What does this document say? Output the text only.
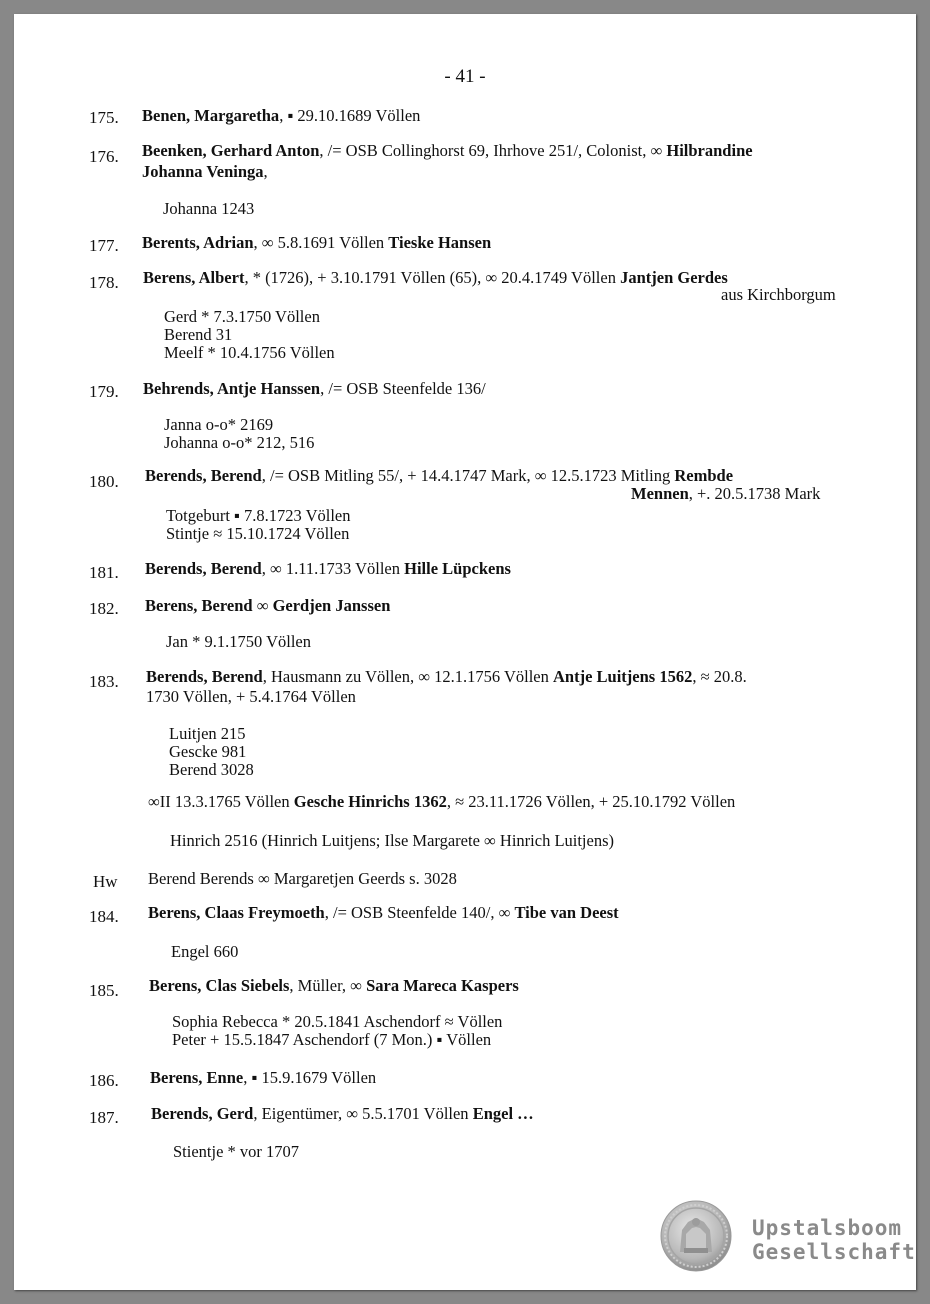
- 41 -
175. Benen, Margaretha, ▪ 29.10.1689 Völlen
176. Beenken, Gerhard Anton, /= OSB Collinghorst 69, Ihrhove 251/, Colonist, ∞ Hilbrandine
Johanna Veninga,
Johanna 1243
177. Berents, Adrian, ∞ 5.8.1691 Völlen Tieske Hansen
178. Berens, Albert, * (1726), + 3.10.1791 Völlen (65), ∞ 20.4.1749 Völlen Jantjen Gerdes
aus Kirchborgum
Gerd * 7.3.1750 Völlen
Berend 31
Meelf * 10.4.1756 Völlen
179. Behrends, Antje Hanssen, /= OSB Steenfelde 136/
Janna o-o* 2169
Johanna o-o* 212, 516
180. Berends, Berend, /= OSB Mitling 55/, + 14.4.1747 Mark, ∞ 12.5.1723 Mitling Rembde
Mennen, +. 20.5.1738 Mark
Totgeburt ▪ 7.8.1723 Völlen
Stintje ≈ 15.10.1724 Völlen
181. Berends, Berend, ∞ 1.11.1733 Völlen Hille Lüpckens
182. Berens, Berend ∞ Gerdjen Janssen
Jan * 9.1.1750 Völlen
183. Berends, Berend, Hausmann zu Völlen, ∞ 12.1.1756 Völlen Antje Luitjens 1562, ≈ 20.8.
1730 Völlen, + 5.4.1764 Völlen
Luitjen 215
Gescke 981
Berend 3028
∞II 13.3.1765 Völlen Gesche Hinrichs 1362, ≈ 23.11.1726 Völlen, + 25.10.1792 Völlen
Hinrich 2516 (Hinrich Luitjens; Ilse Margarete ∞ Hinrich Luitjens)
Hw Berend Berends ∞ Margaretjen Geerds s. 3028
184. Berens, Claas Freymoeth, /= OSB Steenfelde 140/, ∞ Tibe van Deest
Engel 660
185. Berens, Clas Siebels, Müller, ∞ Sara Mareca Kaspers
Sophia Rebecca * 20.5.1841 Aschendorf ≈ Völlen
Peter + 15.5.1847 Aschendorf (7 Mon.) ▪ Völlen
186. Berens, Enne, ▪ 15.9.1679 Völlen
187. Berends, Gerd, Eigentümer, ∞ 5.5.1701 Völlen Engel …
Stientje * vor 1707
Upstalsboom
Gesellschaft
